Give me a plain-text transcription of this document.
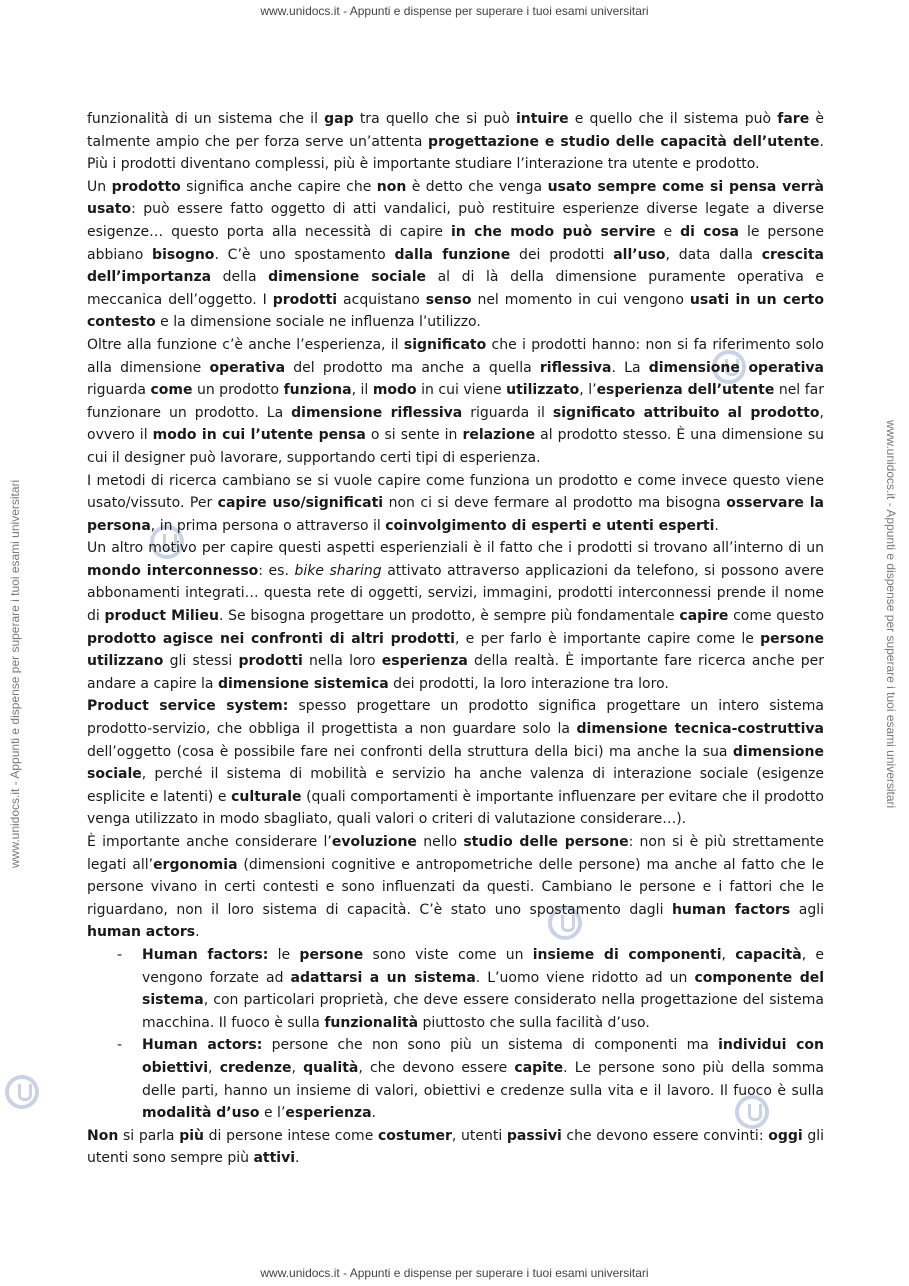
www.unidocs.it - Appunti e dispense per superare i tuoi esami universitari
www.unidocs.it - Appunti e dispense per superare i tuoi esami universitari	www.unidocs.it - Appunti e dispense per superare i tuoi esami universitari

funzionalità di un sistema che il gap tra quello che si può intuire e quello che il sistema può fare è talmente ampio che per forza serve un’attenta progettazione e studio delle capacità dell’utente. Più i prodotti diventano complessi, più è importante studiare l’interazione tra utente e prodotto.

Un prodotto significa anche capire che non è detto che venga usato sempre come si pensa verrà usato: può essere fatto oggetto di atti vandalici, può restituire esperienze diverse legate a diverse esigenze… questo porta alla necessità di capire in che modo può servire e di cosa le persone abbiano bisogno. C’è uno spostamento dalla funzione dei prodotti all’uso, data dalla crescita dell’importanza della dimensione sociale al di là della dimensione puramente operativa e meccanica dell’oggetto. I prodotti acquistano senso nel momento in cui vengono usati in un certo contesto e la dimensione sociale ne influenza l’utilizzo.

Oltre alla funzione c’è anche l’esperienza, il significato che i prodotti hanno: non si fa riferimento solo alla dimensione operativa del prodotto ma anche a quella riflessiva. La dimensione operativa riguarda come un prodotto funziona, il modo in cui viene utilizzato, l’esperienza dell’utente nel far funzionare un prodotto. La dimensione riflessiva riguarda il significato attribuito al prodotto, ovvero il modo in cui l’utente pensa o si sente in relazione al prodotto stesso. È una dimensione su cui il designer può lavorare, supportando certi tipi di esperienza.

I metodi di ricerca cambiano se si vuole capire come funziona un prodotto e come invece questo viene usato/vissuto. Per capire uso/significati non ci si deve fermare al prodotto ma bisogna osservare la persona, in prima persona o attraverso il coinvolgimento di esperti e utenti esperti.

Un altro motivo per capire questi aspetti esperienziali è il fatto che i prodotti si trovano all’interno di un mondo interconnesso: es. bike sharing attivato attraverso applicazioni da telefono, si possono avere abbonamenti integrati… questa rete di oggetti, servizi, immagini, prodotti interconnessi prende il nome di product Milieu. Se bisogna progettare un prodotto, è sempre più fondamentale capire come questo prodotto agisce nei confronti di altri prodotti, e per farlo è importante capire come le persone utilizzano gli stessi prodotti nella loro esperienza della realtà. È importante fare ricerca anche per andare a capire la dimensione sistemica dei prodotti, la loro interazione tra loro.

Product service system: spesso progettare un prodotto significa progettare un intero sistema prodotto-servizio, che obbliga il progettista a non guardare solo la dimensione tecnica-costruttiva dell’oggetto (cosa è possibile fare nei confronti della struttura della bici) ma anche la sua dimensione sociale, perché il sistema di mobilità e servizio ha anche valenza di interazione sociale (esigenze esplicite e latenti) e culturale (quali comportamenti è importante influenzare per evitare che il prodotto venga utilizzato in modo sbagliato, quali valori o criteri di valutazione considerare…).

È importante anche considerare l’evoluzione nello studio delle persone: non si è più strettamente legati all’ergonomia (dimensioni cognitive e antropometriche delle persone) ma anche al fatto che le persone vivano in certi contesti e sono influenzati da questi. Cambiano le persone e i fattori che le riguardano, non il loro sistema di capacità. C’è stato uno spostamento dagli human factors agli human actors.

- Human factors: le persone sono viste come un insieme di componenti, capacità, e vengono forzate ad adattarsi a un sistema. L’uomo viene ridotto ad un componente del sistema, con particolari proprietà, che deve essere considerato nella progettazione del sistema macchina. Il fuoco è sulla funzionalità piuttosto che sulla facilità d’uso.
- Human actors: persone che non sono più un sistema di componenti ma individui con obiettivi, credenze, qualità, che devono essere capite. Le persone sono più della somma delle parti, hanno un insieme di valori, obiettivi e credenze sulla vita e il lavoro. Il fuoco è sulla modalità d’uso e l’esperienza.

Non si parla più di persone intese come costumer, utenti passivi che devono essere convinti: oggi gli utenti sono sempre più attivi.

www.unidocs.it - Appunti e dispense per superare i tuoi esami universitari
